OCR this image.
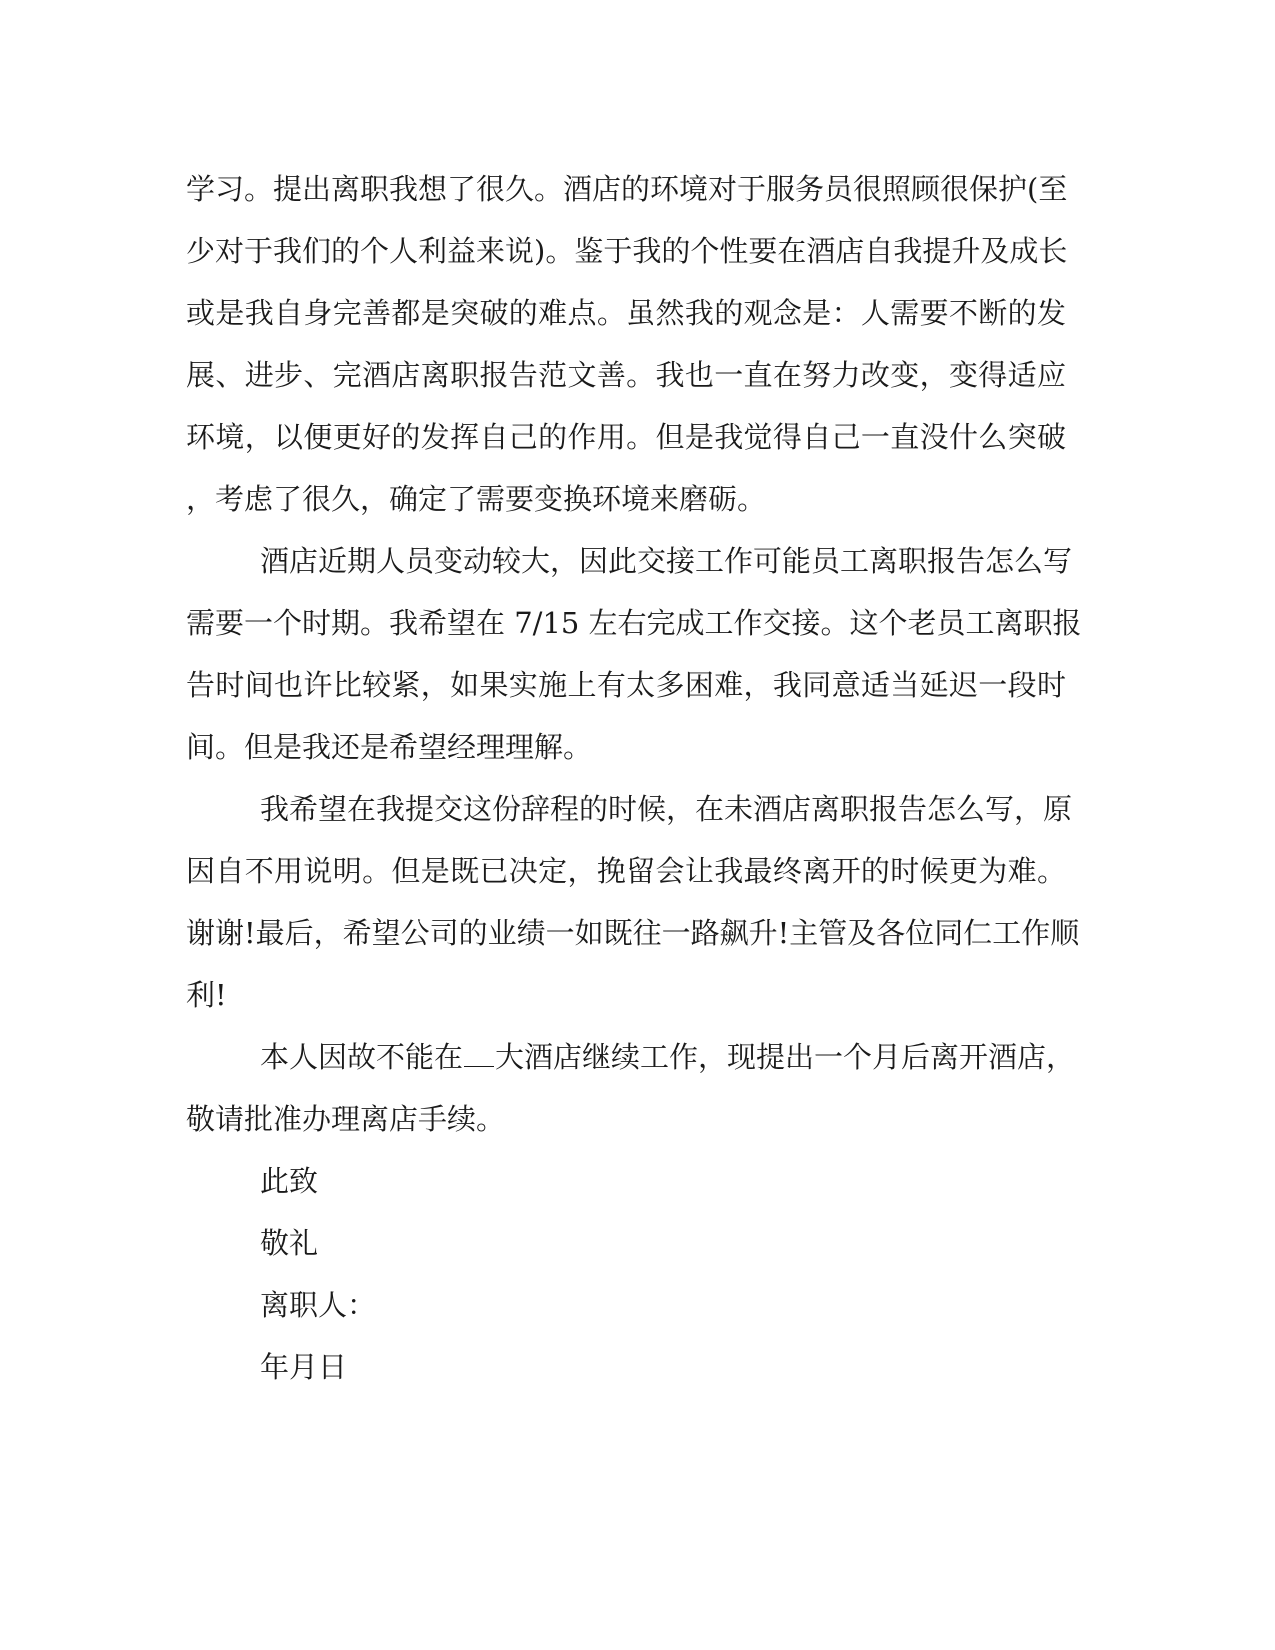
学习。提出离职我想了很久。酒店的环境对于服务员很照顾很保护(至
少对于我们的个人利益来说)。鉴于我的个性要在酒店自我提升及成长
或是我自身完善都是突破的难点。虽然我的观念是：人需要不断的发
展、进步、完酒店离职报告范文善。我也一直在努力改变，变得适应
环境，以便更好的发挥自己的作用。但是我觉得自己一直没什么突破
，考虑了很久，确定了需要变换环境来磨砺。
酒店近期人员变动较大，因此交接工作可能员工离职报告怎么写
需要一个时期。我希望在 7/15 左右完成工作交接。这个老员工离职报
告时间也许比较紧，如果实施上有太多困难，我同意适当延迟一段时
间。但是我还是希望经理理解。
我希望在我提交这份辞程的时候，在未酒店离职报告怎么写，原
因自不用说明。但是既已决定，挽留会让我最终离开的时候更为难。
谢谢!最后，希望公司的业绩一如既往一路飙升!主管及各位同仁工作顺
利!
本人因故不能在 大酒店继续工作，现提出一个月后离开酒店，
敬请批准办理离店手续。
此致
敬礼
离职人：
年月日
